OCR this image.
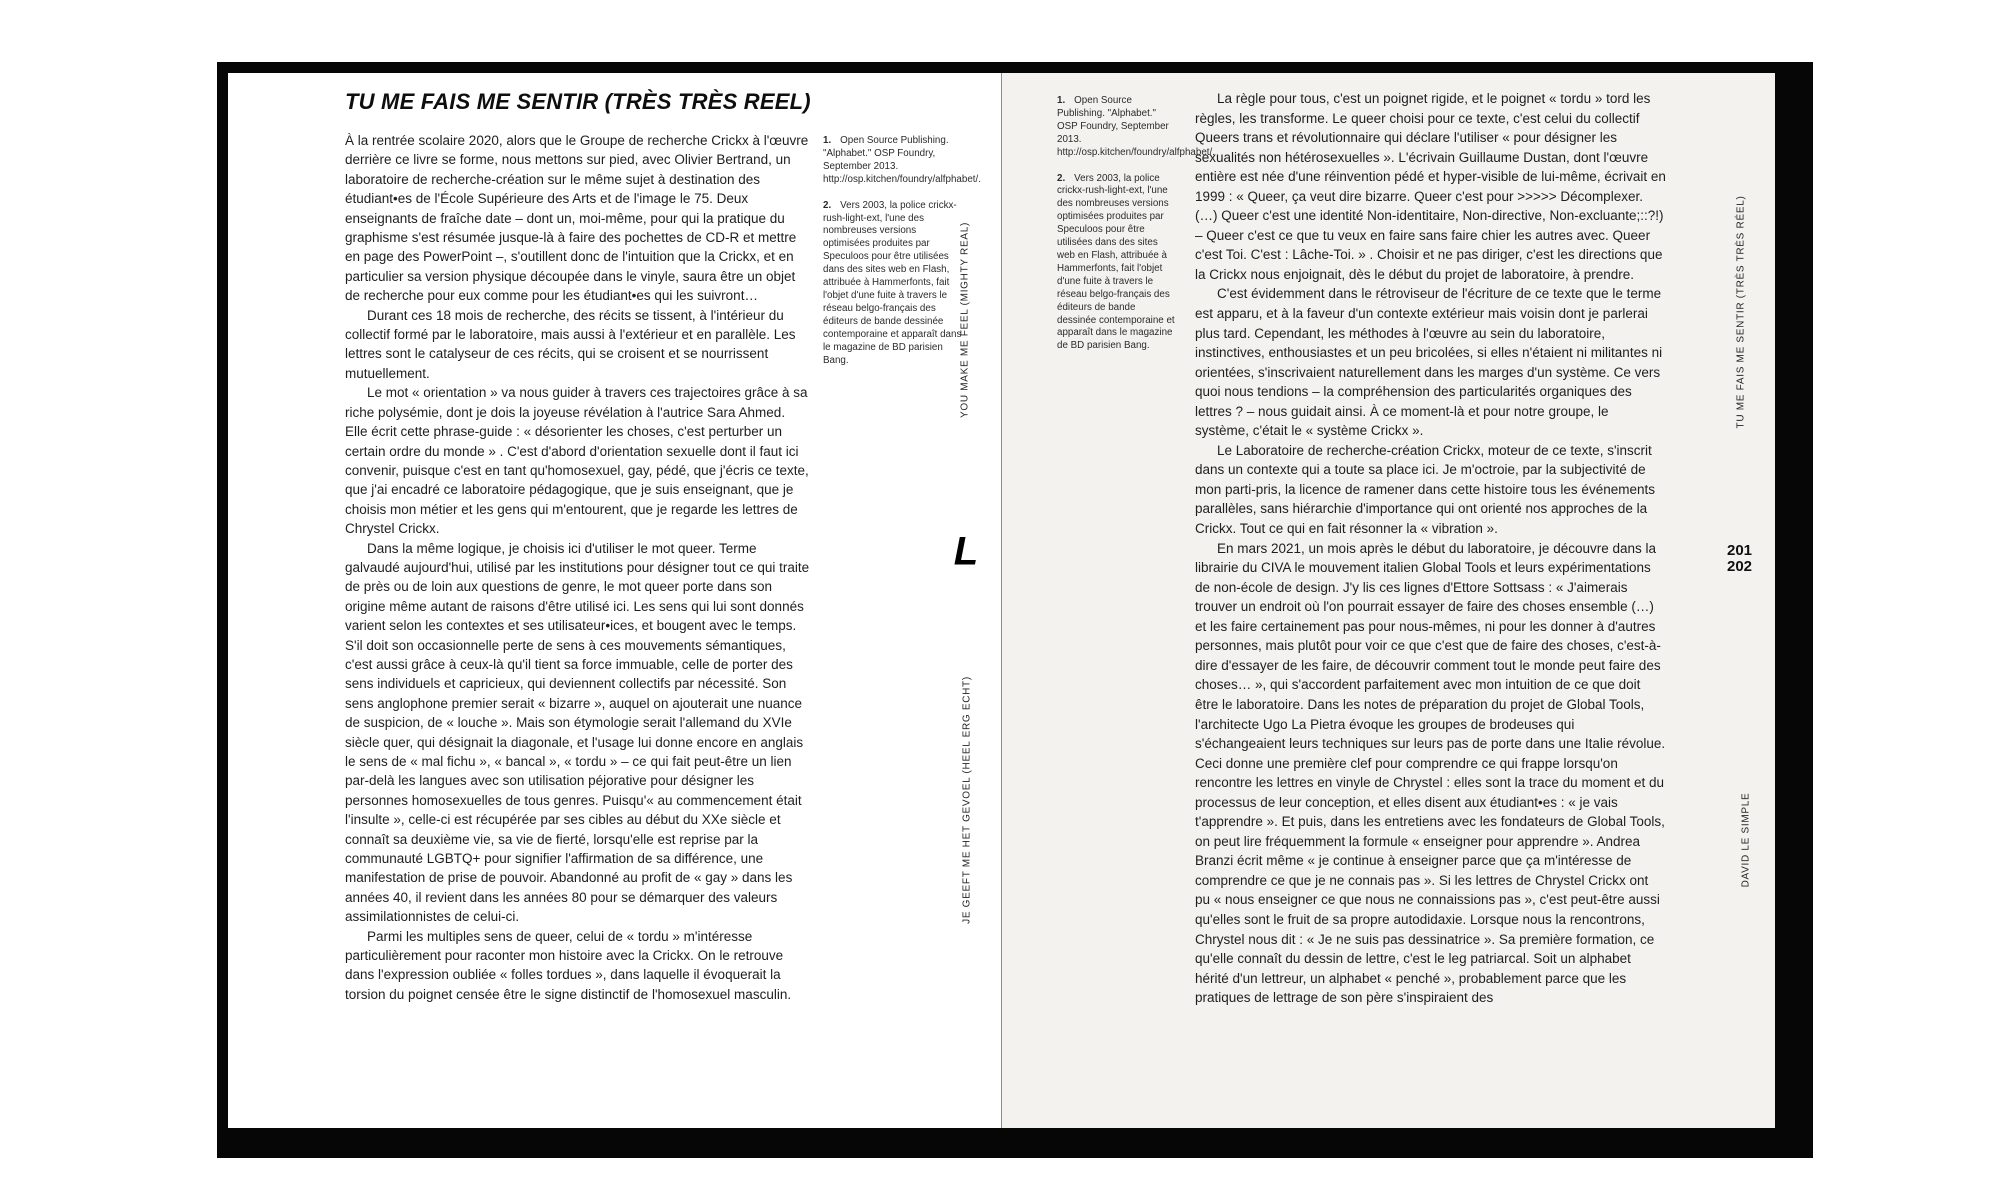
TU ME FAIS ME SENTIR (TRÈS TRÈS REEL)

À la rentrée scolaire 2020, alors que le Groupe de recherche Crickx à l'œuvre derrière ce livre se forme, nous mettons sur pied, avec Olivier Bertrand, un laboratoire de recherche-création sur le même sujet à destination des étudiant•es de l'École Supérieure des Arts et de l'image le 75. Deux enseignants de fraîche date – dont un, moi-même, pour qui la pratique du graphisme s'est résumée jusque-là à faire des pochettes de CD-R et mettre en page des PowerPoint –, s'outillent donc de l'intuition que la Crickx, et en particulier sa version physique découpée dans le vinyle, saura être un objet de recherche pour eux comme pour les étudiant•es qui les suivront…

Durant ces 18 mois de recherche, des récits se tissent, à l'intérieur du collectif formé par le laboratoire, mais aussi à l'extérieur et en parallèle. Les lettres sont le catalyseur de ces récits, qui se croisent et se nourrissent mutuellement.

Le mot « orientation » va nous guider à travers ces trajectoires grâce à sa riche polysémie, dont je dois la joyeuse révélation à l'autrice Sara Ahmed. Elle écrit cette phrase-guide : « désorienter les choses, c'est perturber un certain ordre du monde » . C'est d'abord d'orientation sexuelle dont il faut ici convenir, puisque c'est en tant qu'homosexuel, gay, pédé, que j'écris ce texte, que j'ai encadré ce laboratoire pédagogique, que je suis enseignant, que je choisis mon métier et les gens qui m'entourent, que je regarde les lettres de Chrystel Crickx.

Dans la même logique, je choisis ici d'utiliser le mot queer. Terme galvaudé aujourd'hui, utilisé par les institutions pour désigner tout ce qui traite de près ou de loin aux questions de genre, le mot queer porte dans son origine même autant de raisons d'être utilisé ici. Les sens qui lui sont donnés varient selon les contextes et ses utilisateur•ices, et bougent avec le temps. S'il doit son occasionnelle perte de sens à ces mouvements sémantiques, c'est aussi grâce à ceux-là qu'il tient sa force immuable, celle de porter des sens individuels et capricieux, qui deviennent collectifs par nécessité. Son sens anglophone premier serait « bizarre », auquel on ajouterait une nuance de suspicion, de « louche ». Mais son étymologie serait l'allemand du XVIe siècle quer, qui désignait la diagonale, et l'usage lui donne encore en anglais le sens de « mal fichu », « bancal », « tordu » – ce qui fait peut-être un lien par-delà les langues avec son utilisation péjorative pour désigner les personnes homosexuelles de tous genres. Puisqu'« au commencement était l'insulte », celle-ci est récupérée par ses cibles au début du XXe siècle et connaît sa deuxième vie, sa vie de fierté, lorsqu'elle est reprise par la communauté LGBTQ+ pour signifier l'affirmation de sa différence, une manifestation de prise de pouvoir. Abandonné au profit de « gay » dans les années 40, il revient dans les années 80 pour se démarquer des valeurs assimilationnistes de celui-ci.

Parmi les multiples sens de queer, celui de « tordu » m'intéresse particulièrement pour raconter mon histoire avec la Crickx. On le retrouve dans l'expression oubliée « folles tordues », dans laquelle il évoquerait la torsion du poignet censée être le signe distinctif de l'homosexuel masculin.

1. Open Source Publishing. "Alphabet." OSP Foundry, September 2013. http://osp.kitchen/foundry/alfphabet/.
2. Vers 2003, la police crickx-rush-light-ext, l'une des nombreuses versions optimisées produites par Speculoos pour être utilisées dans des sites web en Flash, attribuée à Hammerfonts, fait l'objet d'une fuite à travers le réseau belgo-français des éditeurs de bande dessinée contemporaine et apparaît dans le magazine de BD parisien Bang.	YOU MAKE ME FEEL (MIGHTY REAL)
L
JE GEEFT ME HET GEVOEL (HEEL ERG ECHT)
1. Open Source Publishing. "Alphabet." OSP Foundry, September 2013. http://osp.kitchen/foundry/alfphabet/.
2. Vers 2003, la police crickx-rush-light-ext, l'une des nombreuses versions optimisées produites par Speculoos pour être utilisées dans des sites web en Flash, attribuée à Hammerfonts, fait l'objet d'une fuite à travers le réseau belgo-français des éditeurs de bande dessinée contemporaine et apparaît dans le magazine de BD parisien Bang.

La règle pour tous, c'est un poignet rigide, et le poignet « tordu » tord les règles, les transforme. Le queer choisi pour ce texte, c'est celui du collectif Queers trans et révolutionnaire qui déclare l'utiliser « pour désigner les sexualités non hétérosexuelles ». L'écrivain Guillaume Dustan, dont l'œuvre entière est née d'une réinvention pédé et hyper-visible de lui-même, écrivait en 1999 : « Queer, ça veut dire bizarre. Queer c'est pour >>>>> Décomplexer. (…) Queer c'est une identité Non-identitaire, Non-directive, Non-excluante;::?!) – Queer c'est ce que tu veux en faire sans faire chier les autres avec. Queer c'est Toi. C'est : Lâche-Toi. » . Choisir et ne pas diriger, c'est les directions que la Crickx nous enjoignait, dès le début du projet de laboratoire, à prendre.

C'est évidemment dans le rétroviseur de l'écriture de ce texte que le terme est apparu, et à la faveur d'un contexte extérieur mais voisin dont je parlerai plus tard. Cependant, les méthodes à l'œuvre au sein du laboratoire, instinctives, enthousiastes et un peu bricolées, si elles n'étaient ni militantes ni orientées, s'inscrivaient naturellement dans les marges d'un système. Ce vers quoi nous tendions – la compréhension des particularités organiques des lettres ? – nous guidait ainsi. À ce moment-là et pour notre groupe, le système, c'était le « système Crickx ».

Le Laboratoire de recherche-création Crickx, moteur de ce texte, s'inscrit dans un contexte qui a toute sa place ici. Je m'octroie, par la subjectivité de mon parti-pris, la licence de ramener dans cette histoire tous les événements parallèles, sans hiérarchie d'importance qui ont orienté nos approches de la Crickx. Tout ce qui en fait résonner la « vibration ».

En mars 2021, un mois après le début du laboratoire, je découvre dans la librairie du CIVA le mouvement italien Global Tools et leurs expérimentations de non-école de design. J'y lis ces lignes d'Ettore Sottsass : « J'aimerais trouver un endroit où l'on pourrait essayer de faire des choses ensemble (…) et les faire certainement pas pour nous-mêmes, ni pour les donner à d'autres personnes, mais plutôt pour voir ce que c'est que de faire des choses, c'est-à-dire d'essayer de les faire, de découvrir comment tout le monde peut faire des choses… », qui s'accordent parfaitement avec mon intuition de ce que doit être le laboratoire. Dans les notes de préparation du projet de Global Tools, l'architecte Ugo La Pietra évoque les groupes de brodeuses qui s'échangeaient leurs techniques sur leurs pas de porte dans une Italie révolue. Ceci donne une première clef pour comprendre ce qui frappe lorsqu'on rencontre les lettres en vinyle de Chrystel : elles sont la trace du moment et du processus de leur conception, et elles disent aux étudiant•es : « je vais t'apprendre ». Et puis, dans les entretiens avec les fondateurs de Global Tools, on peut lire fréquemment la formule « enseigner pour apprendre ». Andrea Branzi écrit même « je continue à enseigner parce que ça m'intéresse de comprendre ce que je ne connais pas ». Si les lettres de Chrystel Crickx ont pu « nous enseigner ce que nous ne connaissions pas », c'est peut-être aussi qu'elles sont le fruit de sa propre autodidaxie. Lorsque nous la rencontrons, Chrystel nous dit : « Je ne suis pas dessinatrice ». Sa première formation, ce qu'elle connaît du dessin de lettre, c'est le leg patriarcal. Soit un alphabet hérité d'un lettreur, un alphabet « penché », probablement parce que les pratiques de lettrage de son père s'inspiraient des

TU ME FAIS ME SENTIR (TRÈS TRÈS RÉEL)
201
202
DAVID LE SIMPLE
